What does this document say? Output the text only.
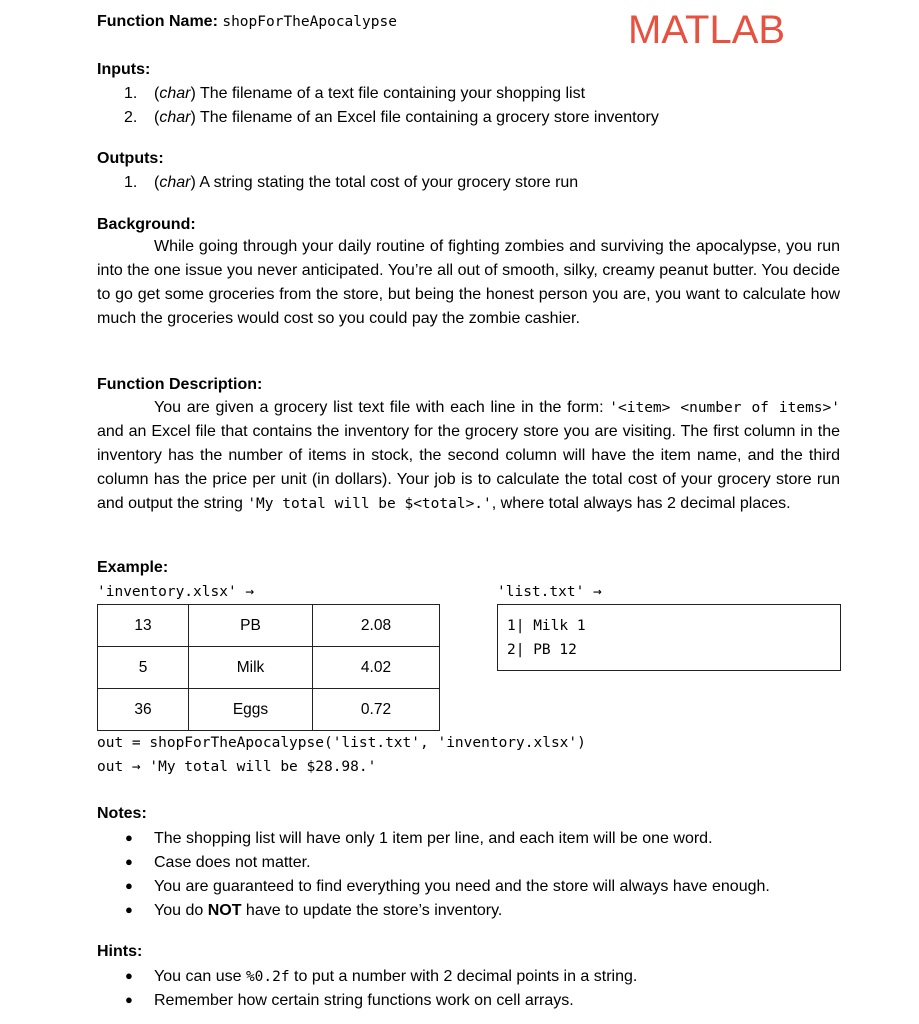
Function Name: shopForTheApocalypse	MATLAB
Inputs:
1. (char) The filename of a text file containing your shopping list
2. (char) The filename of an Excel file containing a grocery store inventory
Outputs:
1. (char) A string stating the total cost of your grocery store run
Background:
While going through your daily routine of fighting zombies and surviving the apocalypse, you run into the one issue you never anticipated. You’re all out of smooth, silky, creamy peanut butter. You decide to go get some groceries from the store, but being the honest person you are, you want to calculate how much the groceries would cost so you could pay the zombie cashier.
Function Description:
You are given a grocery list text file with each line in the form: '<item> <number of items>' and an Excel file that contains the inventory for the grocery store you are visiting. The first column in the inventory has the number of items in stock, the second column will have the item name, and the third column has the price per unit (in dollars). Your job is to calculate the total cost of your grocery store run and output the string 'My total will be $<total>.', where total always has 2 decimal places.
Example:
'inventory.xlsx' →	'list.txt' →
13	PB	2.08
5	Milk	4.02
36	Eggs	0.72
1| Milk 1
2| PB 12
out = shopForTheApocalypse('list.txt', 'inventory.xlsx')
out → 'My total will be $28.98.'
Notes:
● The shopping list will have only 1 item per line, and each item will be one word.
● Case does not matter.
● You are guaranteed to find everything you need and the store will always have enough.
● You do NOT have to update the store’s inventory.
Hints:
● You can use %0.2f to put a number with 2 decimal points in a string.
● Remember how certain string functions work on cell arrays.
